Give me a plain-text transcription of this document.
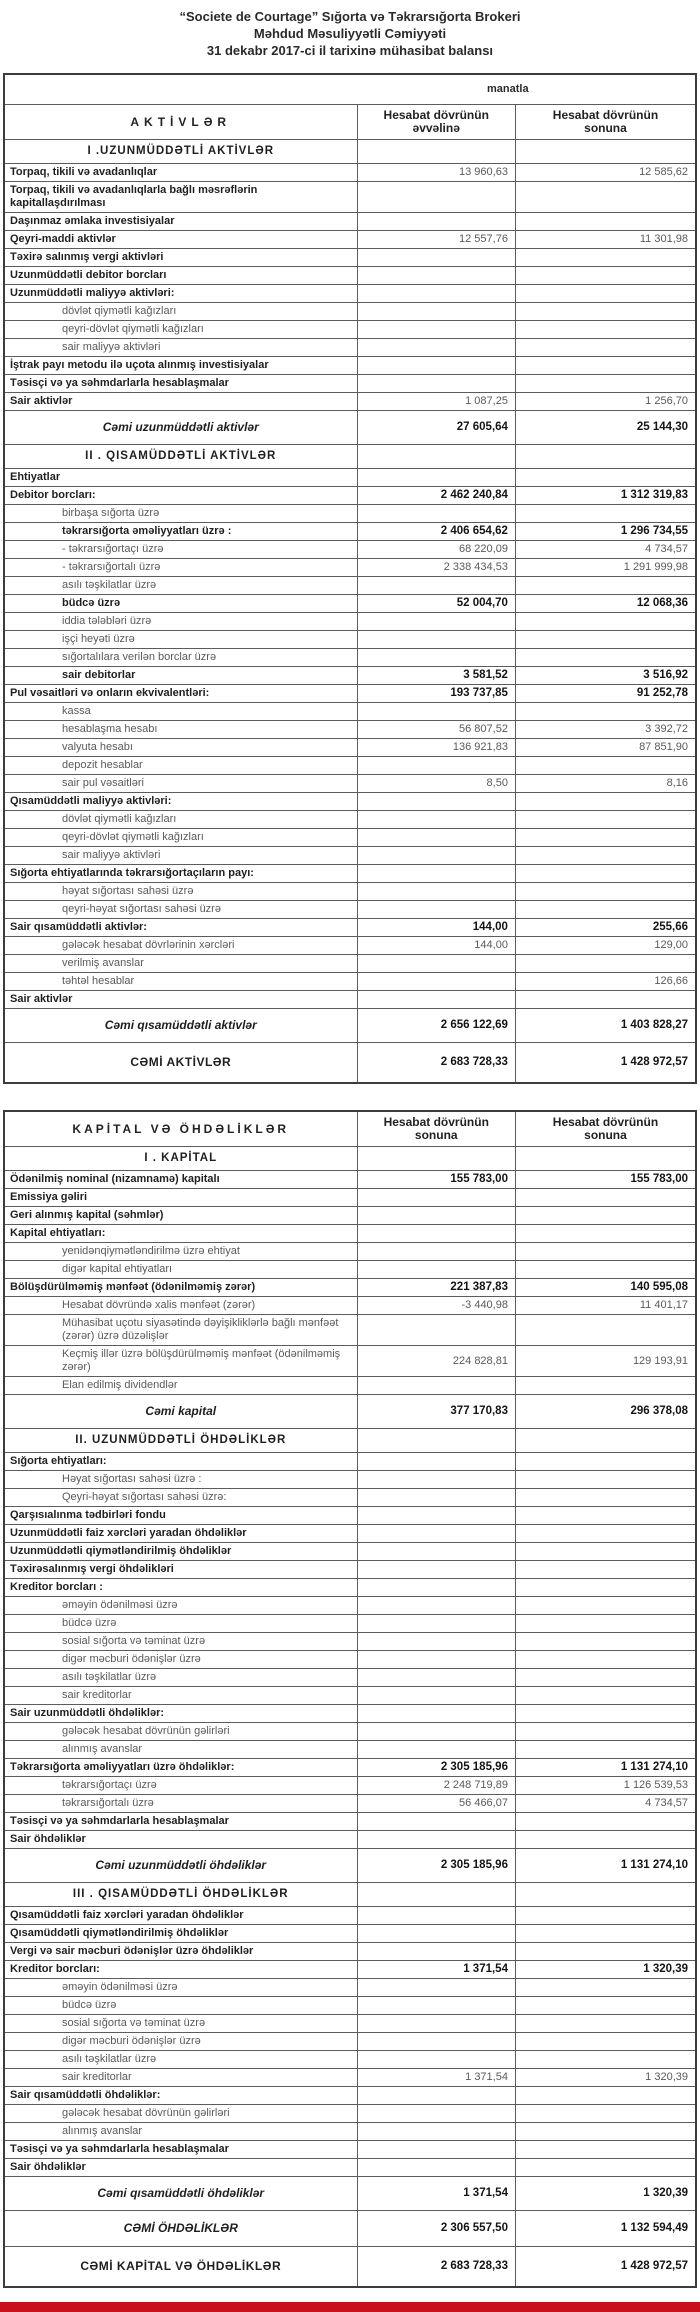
“Societe de Courtage” Sığorta və Təkrarsığorta Brokeri
Məhdud Məsuliyyətli Cəmiyyəti
31 dekabr 2017-ci il tarixinə mühasibat balansı
manatla		
AKTİVLƏR	Hesabat dövrünün əvvəlinə	Hesabat dövrünün sonuna
I .UZUNMÜDDƏTLİ AKTİVLƏR		
Torpaq, tikili və avadanlıqlar	13 960,63	12 585,62
Torpaq, tikili və avadanlıqlarla bağlı məsrəflərin kapitallaşdırılması		
Daşınmaz əmlaka investisiyalar		
Qeyri-maddi aktivlər	12 557,76	11 301,98
Təxirə salınmış vergi aktivləri		
Uzunmüddətli debitor borcları		
Uzunmüddətli maliyyə aktivləri:		
dövlət qiymətli kağızları		
qeyri-dövlət qiymətli kağızları		
sair maliyyə aktivləri		
İştrak payı metodu ilə uçota alınmış investisiyalar		
Təsisçi və ya səhmdarlarla hesablaşmalar		
Sair aktivlər	1 087,25	1 256,70
Cəmi uzunmüddətli aktivlər	27 605,64	25 144,30
II . QISAMÜDDƏTLİ AKTİVLƏR		
Ehtiyatlar		
Debitor borcları:	2 462 240,84	1 312 319,83
birbaşa sığorta üzrə		
təkrarsığorta əməliyyatları üzrə :	2 406 654,62	1 296 734,55
- təkrarsığortaçı üzrə	68 220,09	4 734,57
- təkrarsığortalı üzrə	2 338 434,53	1 291 999,98
asılı təşkilatlar üzrə		
büdcə üzrə	52 004,70	12 068,36
iddia tələbləri üzrə		
işçi heyəti üzrə		
sığortalılara verilən borclar üzrə		
sair debitorlar	3 581,52	3 516,92
Pul vəsaitləri və onların ekvivalentləri:	193 737,85	91 252,78
kassa		
hesablaşma hesabı	56 807,52	3 392,72
valyuta hesabı	136 921,83	87 851,90
depozit hesablar		
sair pul vəsaitləri	8,50	8,16
Qısamüddətli maliyyə aktivləri:		
dövlət qiymətli kağızları		
qeyri-dövlət qiymətli kağızları		
sair maliyyə aktivləri		
Sığorta ehtiyatlarında təkrarsığortaçıların payı:		
həyat sığortası sahəsi üzrə		
qeyri-həyat sığortası sahəsi üzrə		
Sair qısamüddətli aktivlər:	144,00	255,66
gələcək hesabat dövrlərinin xərcləri	144,00	129,00
verilmiş avanslar		
təhtəl hesablar		126,66
Sair aktivlər		
Cəmi qısamüddətli aktivlər	2 656 122,69	1 403 828,27
CƏMİ AKTİVLƏR	2 683 728,33	1 428 972,57
KAPİTAL VƏ ÖHDƏLİKLƏR	Hesabat dövrünün sonuna	Hesabat dövrünün sonuna
I . KAPİTAL		
Ödənilmiş nominal (nizamnamə) kapitalı	155 783,00	155 783,00
Emissiya gəliri		
Geri alınmış kapital (səhmlər)		
Kapital ehtiyatları:		
yenidənqiymətləndirilmə üzrə ehtiyat		
digər kapital ehtiyatları		
Bölüşdürülməmiş mənfəət (ödənilməmiş zərər)	221 387,83	140 595,08
Hesabat dövründə xalis mənfəət (zərər)	-3 440,98	11 401,17
Mühasibat uçotu siyasətində dəyişikliklərlə bağlı mənfəət (zərər) üzrə düzəlişlər		
Keçmiş illər üzrə bölüşdürülməmiş mənfəət (ödənilməmiş zərər)	224 828,81	129 193,91
Elan edilmiş dividendlər		
Cəmi kapital	377 170,83	296 378,08
II. UZUNMÜDDƏTLİ ÖHDƏLİKLƏR		
Sığorta ehtiyatları:		
Həyat sığortası sahəsi üzrə :		
Qeyri-həyat sığortası sahəsi üzrə:		
Qarşısıalınma tədbirləri fondu		
Uzunmüddətli faiz xərcləri yaradan öhdəliklər		
Uzunmüddətli qiymətləndirilmiş öhdəliklər		
Təxirəsalınmış vergi öhdəlikləri		
Kreditor borcları :		
əməyin ödənilməsi üzrə		
büdcə üzrə		
sosial sığorta və təminat üzrə		
digər məcburi ödənişlər üzrə		
asılı təşkilatlar üzrə		
sair kreditorlar		
Sair uzunmüddətli öhdəliklər:		
gələcək hesabat dövrünün gəlirləri		
alınmış avanslar		
Təkrarsığorta əməliyyatları üzrə öhdəliklər:	2 305 185,96	1 131 274,10
təkrarsığortaçı üzrə	2 248 719,89	1 126 539,53
təkrarsığortalı üzrə	56 466,07	4 734,57
Təsisçi və ya səhmdarlarla hesablaşmalar		
Sair öhdəliklər		
Cəmi uzunmüddətli öhdəliklər	2 305 185,96	1 131 274,10
III . QISAMÜDDƏTLİ ÖHDƏLİKLƏR		
Qısamüddətli faiz xərcləri yaradan öhdəliklər		
Qısamüddətli qiymətləndirilmiş öhdəliklər		
Vergi və sair məcburi ödənişlər üzrə öhdəliklər		
Kreditor borcları:	1 371,54	1 320,39
əməyin ödənilməsi üzrə		
büdcə üzrə		
sosial sığorta və təminat üzrə		
digər məcburi ödənişlər üzrə		
asılı təşkilatlar üzrə		
sair kreditorlar	1 371,54	1 320,39
Sair qısamüddətli öhdəliklər:		
gələcək hesabat dövrünün gəlirləri		
alınmış avanslar		
Təsisçi və ya səhmdarlarla hesablaşmalar		
Sair öhdəliklər		
Cəmi qısamüddətli öhdəliklər	1 371,54	1 320,39
CƏMİ ÖHDƏLİKLƏR	2 306 557,50	1 132 594,49
CƏMİ KAPİTAL VƏ ÖHDƏLİKLƏR	2 683 728,33	1 428 972,57
